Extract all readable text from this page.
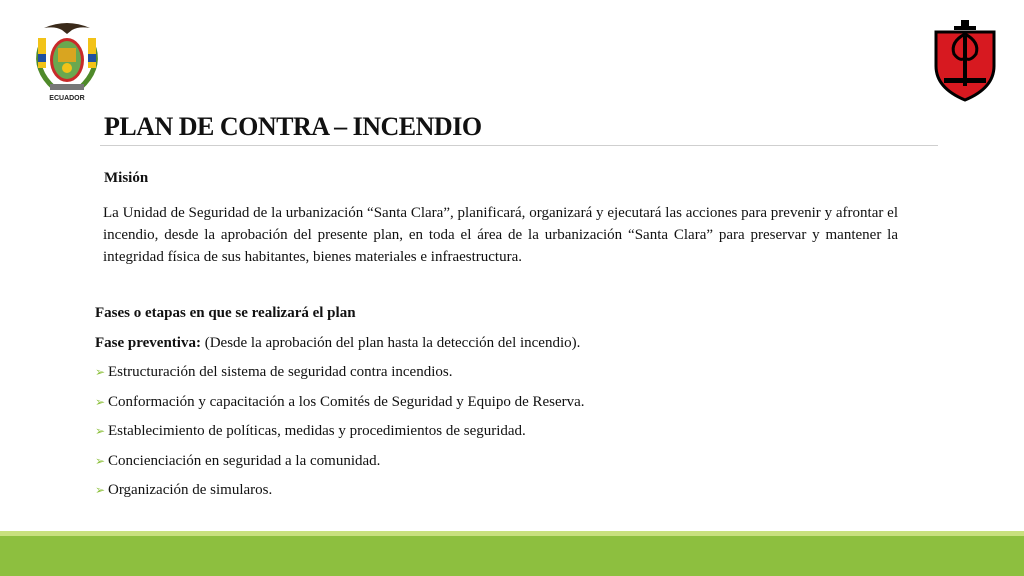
ECUADOR
PLAN DE CONTRA – INCENDIO
Misión

La Unidad de Seguridad de la urbanización “Santa Clara”, planificará, organizará y ejecutará las acciones para prevenir y afrontar el incendio, desde la aprobación del presente plan, en toda el área de la urbanización “Santa Clara” para preservar y mantener la integridad física de sus habitantes, bienes materiales e infraestructura.

Fases o etapas en que se realizará el plan
Fase preventiva: (Desde la aprobación del plan hasta la detección del incendio).
➢ Estructuración del sistema de seguridad contra incendios.
➢ Conformación y capacitación a los Comités de Seguridad y Equipo de Reserva.
➢ Establecimiento de políticas, medidas y procedimientos de seguridad.
➢ Concienciación en seguridad a la comunidad.
➢ Organización de simularos.
